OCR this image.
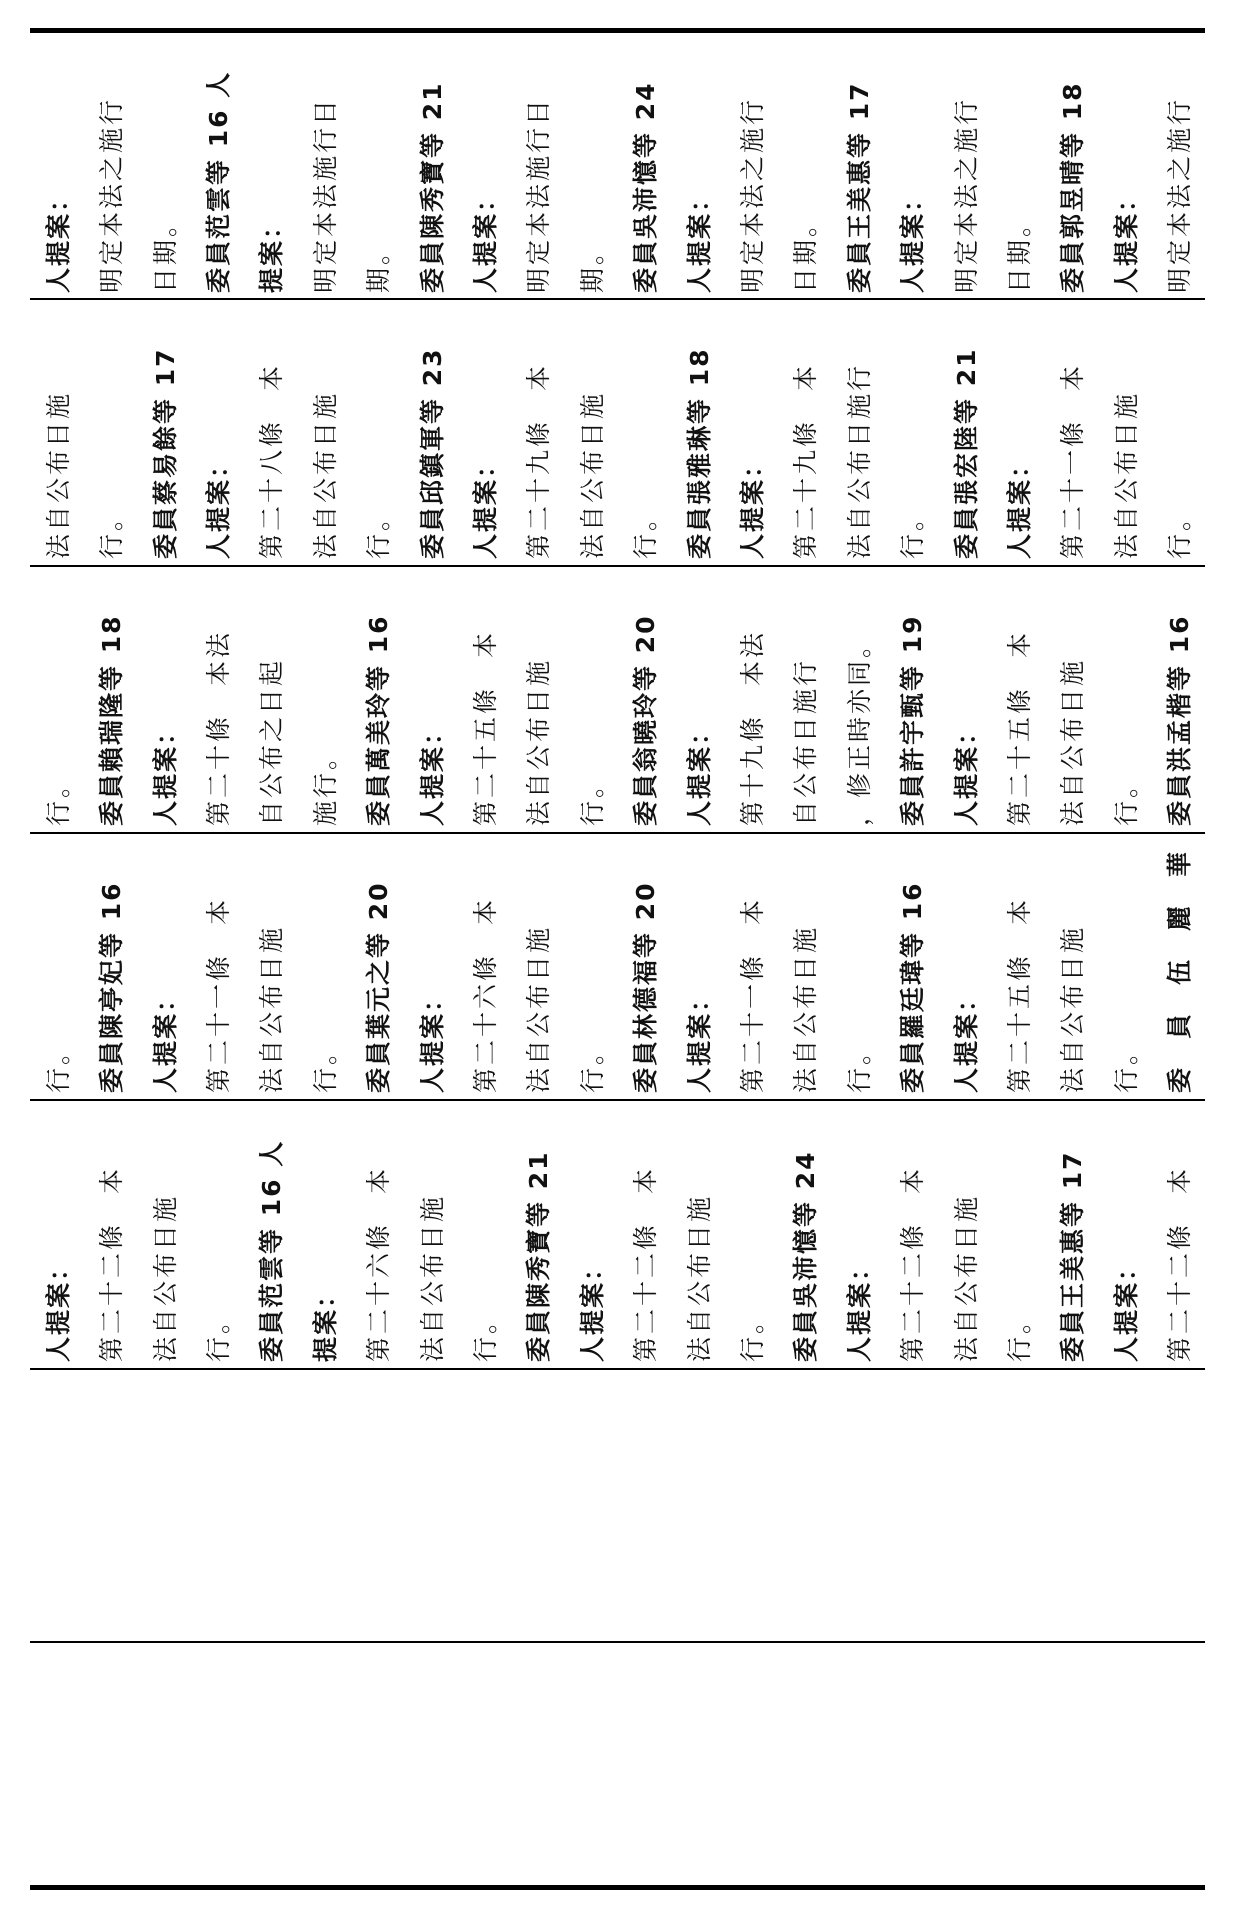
人提案： 明定本法之施行 日期。 委員范雲等 16 人 提案： 明定本法施行日 期。 委員陳秀寶等 21 人提案： 明定本法施行日 期。 委員吳沛憶等 24 人提案： 明定本法之施行 日期。 委員王美惠等 17 人提案： 明定本法之施行 日期。 委員郭昱晴等 18 人提案： 明定本法之施行
法自公布日施 行。 委員蔡易餘等 17 人提案： 第二十八條　本 法自公布日施 行。 委員邱鎮軍等 23 人提案： 第二十九條　本 法自公布日施 行。 委員張雅琳等 18 人提案： 第二十九條　本 法自公布日施行 行。 委員張宏陸等 21 人提案： 第二十一條　本 法自公布日施 行。
行。 委員賴瑞隆等 18 人提案： 第二十條　本法 自公布之日起 施行。 委員萬美玲等 16 人提案： 第二十五條　本 法自公布日施 行。 委員翁曉玲等 20 人提案： 第十九條　本法 自公布日施行 ，修正時亦同。 委員許宇甄等 19 人提案： 第二十五條　本 法自公布日施 行。 委員洪孟楷等 16
行。 委員陳亭妃等 16 人提案： 第二十一條　本 法自公布日施 行。 委員葉元之等 20 人提案： 第二十六條　本 法自公布日施 行。 委員林德福等 20 人提案： 第二十一條　本 法自公布日施 行。 委員羅廷瑋等 16 人提案： 第二十五條　本 法自公布日施 行。 委　員　伍　麗　華
人提案： 第二十二條　本 法自公布日施 行。 委員范雲等 16 人 提案： 第二十六條　本 法自公布日施 行。 委員陳秀寶等 21 人提案： 第二十二條　本 法自公布日施 行。 委員吳沛憶等 24 人提案： 第二十二條　本 法自公布日施 行。 委員王美惠等 17 人提案： 第二十二條　本
